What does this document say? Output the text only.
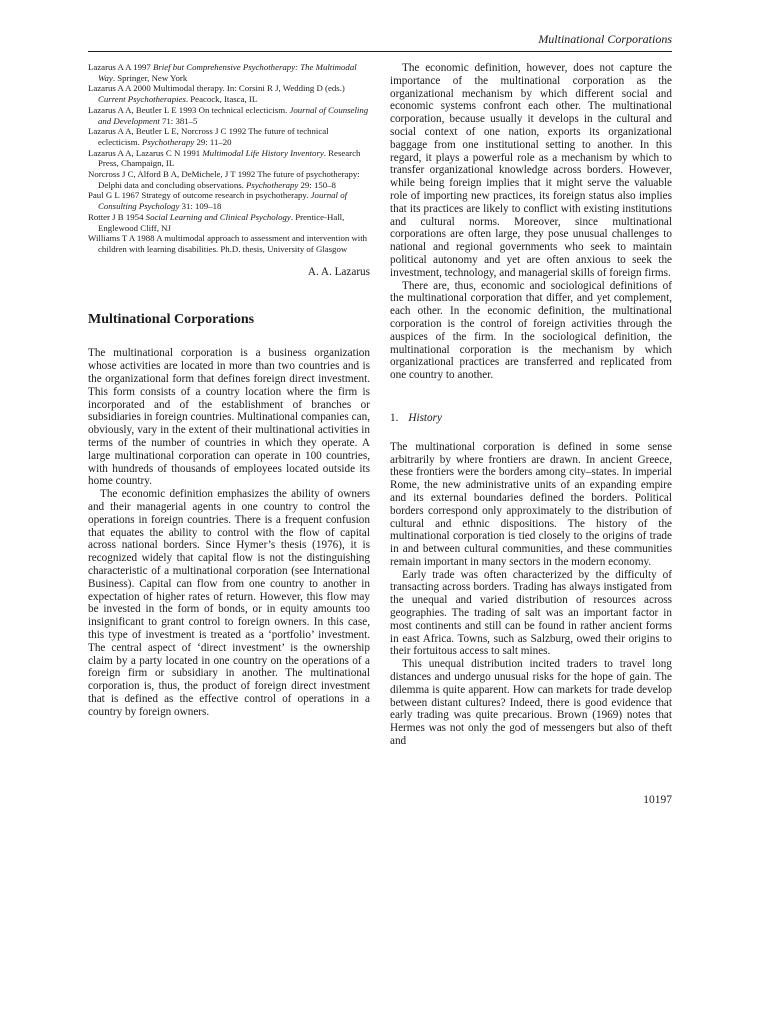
Multinational Corporations

Lazarus A A 1997 Brief but Comprehensive Psychotherapy: The Multimodal Way. Springer, New York

Lazarus A A 2000 Multimodal therapy. In: Corsini R J, Wedding D (eds.) Current Psychotherapies. Peacock, Itasca, IL

Lazarus A A, Beutler L E 1993 On technical eclecticism. Journal of Counseling and Development 71: 381–5

Lazarus A A, Beutler L E, Norcross J C 1992 The future of technical eclecticism. Psychotherapy 29: 11–20

Lazarus A A, Lazarus C N 1991 Multimodal Life History Inventory. Research Press, Champaign, IL

Norcross J C, Alford B A, DeMichele, J T 1992 The future of psychotherapy: Delphi data and concluding observations. Psychotherapy 29: 150–8

Paul G L 1967 Strategy of outcome research in psychotherapy. Journal of Consulting Psychology 31: 109–18

Rotter J B 1954 Social Learning and Clinical Psychology. Prentice-Hall, Englewood Cliff, NJ

Williams T A 1988 A multimodal approach to assessment and intervention with children with learning disabilities. Ph.D. thesis, University of Glasgow

A. A. Lazarus
Multinational Corporations

The multinational corporation is a business organization whose activities are located in more than two countries and is the organizational form that defines foreign direct investment. This form consists of a country location where the firm is incorporated and of the establishment of branches or subsidiaries in foreign countries. Multinational companies can, obviously, vary in the extent of their multinational activities in terms of the number of countries in which they operate. A large multinational corporation can operate in 100 countries, with hundreds of thousands of employees located outside its home country.

The economic definition emphasizes the ability of owners and their managerial agents in one country to control the operations in foreign countries. There is a frequent confusion that equates the ability to control with the flow of capital across national borders. Since Hymer’s thesis (1976), it is recognized widely that capital flow is not the distinguishing characteristic of a multinational corporation (see International Business). Capital can flow from one country to another in expectation of higher rates of return. However, this flow may be invested in the form of bonds, or in equity amounts too insignificant to grant control to foreign owners. In this case, this type of investment is treated as a ‘portfolio’ investment. The central aspect of ‘direct investment’ is the ownership claim by a party located in one country on the operations of a foreign firm or subsidiary in another. The multinational corporation is, thus, the product of foreign direct investment that is defined as the effective control of operations in a country by foreign owners.

The economic definition, however, does not capture the importance of the multinational corporation as the organizational mechanism by which different social and economic systems confront each other. The multinational corporation, because usually it develops in the cultural and social context of one nation, exports its organizational baggage from one institutional setting to another. In this regard, it plays a powerful role as a mechanism by which to transfer organizational knowledge across borders. However, while being foreign implies that it might serve the valuable role of importing new practices, its foreign status also implies that its practices are likely to conflict with existing institutions and cultural norms. Moreover, since multinational corporations are often large, they pose unusual challenges to national and regional governments who seek to maintain political autonomy and yet are often anxious to seek the investment, technology, and managerial skills of foreign firms.

There are, thus, economic and sociological definitions of the multinational corporation that differ, and yet complement, each other. In the economic definition, the multinational corporation is the control of foreign activities through the auspices of the firm. In the sociological definition, the multinational corporation is the mechanism by which organizational practices are transferred and replicated from one country to another.

1. History

The multinational corporation is defined in some sense arbitrarily by where frontiers are drawn. In ancient Greece, these frontiers were the borders among city–states. In imperial Rome, the new administrative units of an expanding empire and its external boundaries defined the borders. Political borders correspond only approximately to the distribution of cultural and ethnic dispositions. The history of the multinational corporation is tied closely to the origins of trade in and between cultural communities, and these communities remain important in many sectors in the modern economy.

Early trade was often characterized by the difficulty of transacting across borders. Trading has always instigated from the unequal and varied distribution of resources across geographies. The trading of salt was an important factor in most continents and still can be found in rather ancient forms in east Africa. Towns, such as Salzburg, owed their origins to their fortuitous access to salt mines.

This unequal distribution incited traders to travel long distances and undergo unusual risks for the hope of gain. The dilemma is quite apparent. How can markets for trade develop between distant cultures? Indeed, there is good evidence that early trading was quite precarious. Brown (1969) notes that Hermes was not only the god of messengers but also of theft and

10197
